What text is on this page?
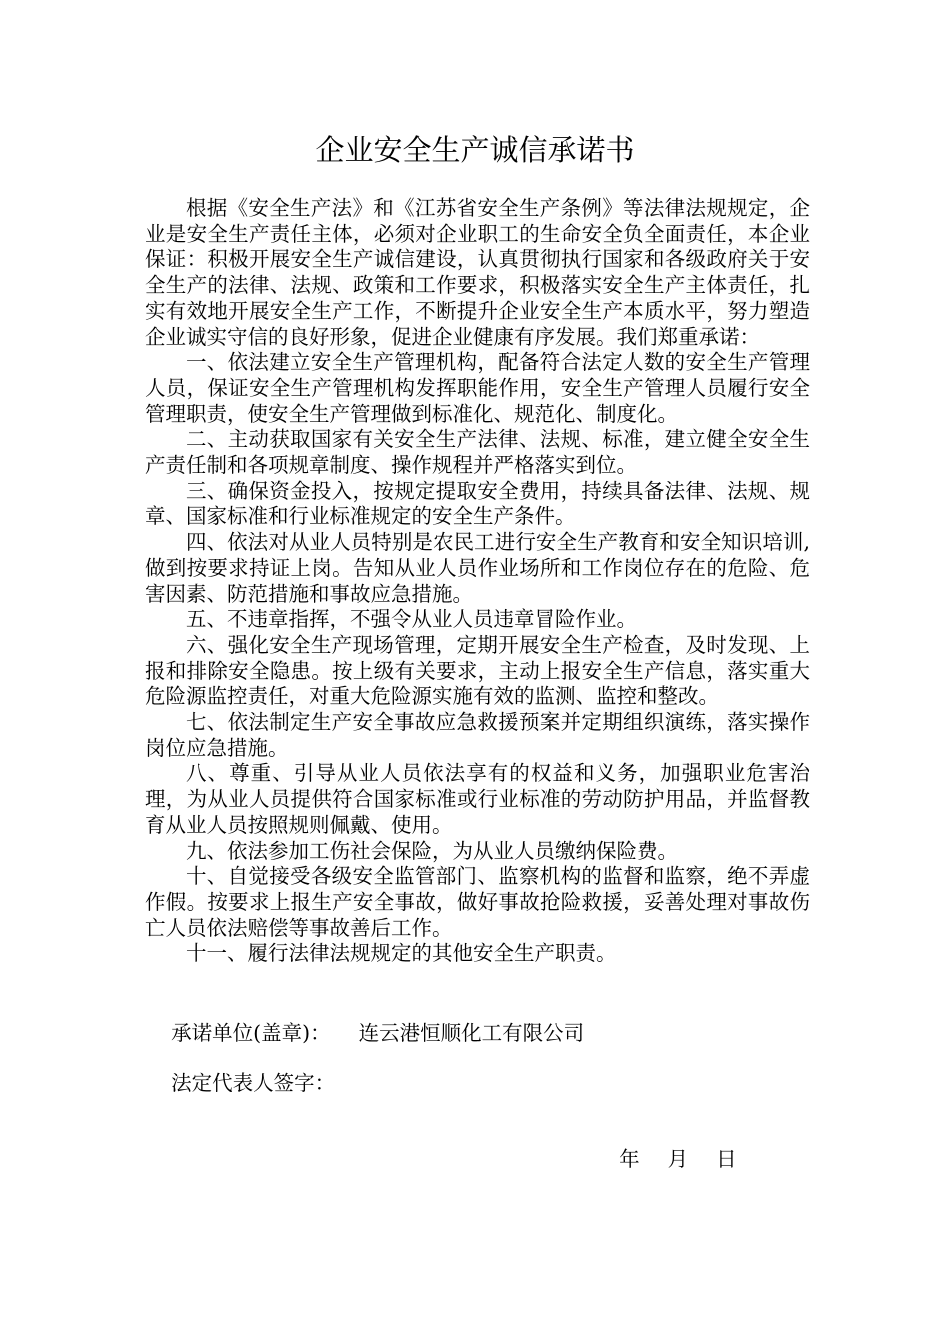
企业安全生产诚信承诺书

根据《安全生产法》和《江苏省安全生产条例》等法律法规规定，企业是安全生产责任主体，必须对企业职工的生命安全负全面责任，本企业保证：积极开展安全生产诚信建设，认真贯彻执行国家和各级政府关于安全生产的法律、法规、政策和工作要求，积极落实安全生产主体责任，扎实有效地开展安全生产工作，不断提升企业安全生产本质水平，努力塑造企业诚实守信的良好形象，促进企业健康有序发展。我们郑重承诺：

一、依法建立安全生产管理机构，配备符合法定人数的安全生产管理人员，保证安全生产管理机构发挥职能作用，安全生产管理人员履行安全管理职责，使安全生产管理做到标准化、规范化、制度化。

二、主动获取国家有关安全生产法律、法规、标准，建立健全安全生产责任制和各项规章制度、操作规程并严格落实到位。

三、确保资金投入，按规定提取安全费用，持续具备法律、法规、规章、国家标准和行业标准规定的安全生产条件。

四、依法对从业人员特别是农民工进行安全生产教育和安全知识培训,做到按要求持证上岗。告知从业人员作业场所和工作岗位存在的危险、危害因素、防范措施和事故应急措施。

五、不违章指挥，不强令从业人员违章冒险作业。

六、强化安全生产现场管理，定期开展安全生产检查，及时发现、上报和排除安全隐患。按上级有关要求，主动上报安全生产信息，落实重大危险源监控责任，对重大危险源实施有效的监测、监控和整改。

七、依法制定生产安全事故应急救援预案并定期组织演练，落实操作岗位应急措施。

八、尊重、引导从业人员依法享有的权益和义务，加强职业危害治理，为从业人员提供符合国家标准或行业标准的劳动防护用品，并监督教育从业人员按照规则佩戴、使用。

九、依法参加工伤社会保险，为从业人员缴纳保险费。

十、自觉接受各级安全监管部门、监察机构的监督和监察，绝不弄虚作假。按要求上报生产安全事故，做好事故抢险救援，妥善处理对事故伤亡人员依法赔偿等事故善后工作。

十一、履行法律法规规定的其他安全生产职责。

承诺单位(盖章)： 连云港恒顺化工有限公司

法定代表人签字：

年 月 日
